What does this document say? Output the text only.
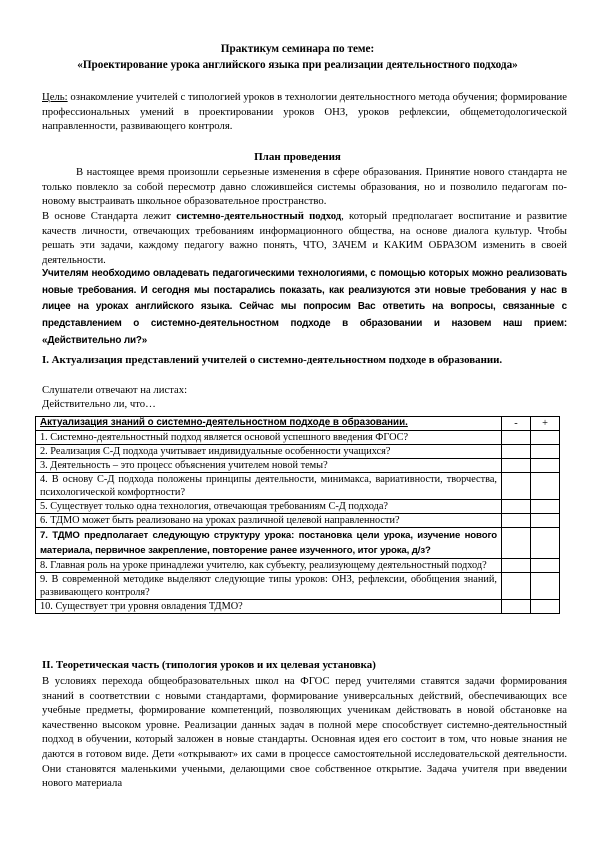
Практикум семинара по теме:
«Проектирование урока английского языка при реализации деятельностного подхода»
Цель: ознакомление учителей с типологией уроков в технологии деятельностного метода обучения; формирование профессиональных умений в проектировании уроков ОНЗ, уроков рефлексии, общеметодологической направленности, развивающего контроля.
План проведения
В настоящее время произошли серьезные изменения в сфере образования. Принятие нового стандарта не только повлекло за собой пересмотр давно сложившейся системы образования, но и позволило педагогам по-новому выстраивать школьное образовательное пространство.
В основе Стандарта лежит системно-деятельностный подход, который предполагает воспитание и развитие качеств личности, отвечающих требованиям информационного общества, на основе диалога культур. Чтобы решать эти задачи, каждому педагогу важно понять, ЧТО, ЗАЧЕМ и КАКИМ ОБРАЗОМ изменить в своей деятельности.
Учителям необходимо овладевать педагогическими технологиями, с помощью которых можно реализовать новые требования. И сегодня мы постарались показать, как реализуются эти новые требования у нас в лицее на уроках английского языка. Сейчас мы попросим Вас ответить на вопросы, связанные с представлением о системно-деятельностном подходе в образовании и назовем наш прием: «Действительно ли?»
I. Актуализация представлений учителей о системно-деятельностном подходе в образовании.
Слушатели отвечают на листах:
Действительно ли, что…
Актуализация знаний о системно-деятельностном подходе в образовании.	-	+
1. Системно-деятельностный подход является основой успешного введения ФГОС?		
2. Реализация С-Д подхода учитывает индивидуальные особенности учащихся?		
3. Деятельность – это процесс объяснения учителем новой темы?		
4. В основу С-Д подхода положены принципы деятельности, минимакса, вариативности, творчества, психологической комфортности?		
5. Существует только одна технология, отвечающая требованиям С-Д подхода?		
6. ТДМО может быть реализовано на уроках различной целевой направленности?		
7. ТДМО предполагает следующую структуру урока: постановка цели урока, изучение нового материала, первичное закрепление, повторение ранее изученного, итог урока, д/з?		
8. Главная роль на уроке принадлежи учителю, как субъекту, реализующему деятельностный подход?		
9. В современной методике выделяют следующие типы уроков: ОНЗ, рефлексии, обобщения знаний, развивающего контроля?		
10. Существует три уровня овладения ТДМО?		
II. Теоретическая часть (типология уроков и их целевая установка)
В условиях перехода общеобразовательных школ на ФГОС перед учителями ставятся задачи формирования знаний в соответствии с новыми стандартами, формирование универсальных действий, обеспечивающих все учебные предметы, формирование компетенций, позволяющих ученикам действовать в новой обстановке на качественно высоком уровне. Реализации данных задач в полной мере способствует системно-деятельностный подход в обучении, который заложен в новые стандарты. Основная идея его состоит в том, что новые знания не даются в готовом виде. Дети «открывают» их сами в процессе самостоятельной исследовательской деятельности. Они становятся маленькими учеными, делающими свое собственное открытие. Задача учителя при введении нового материала
